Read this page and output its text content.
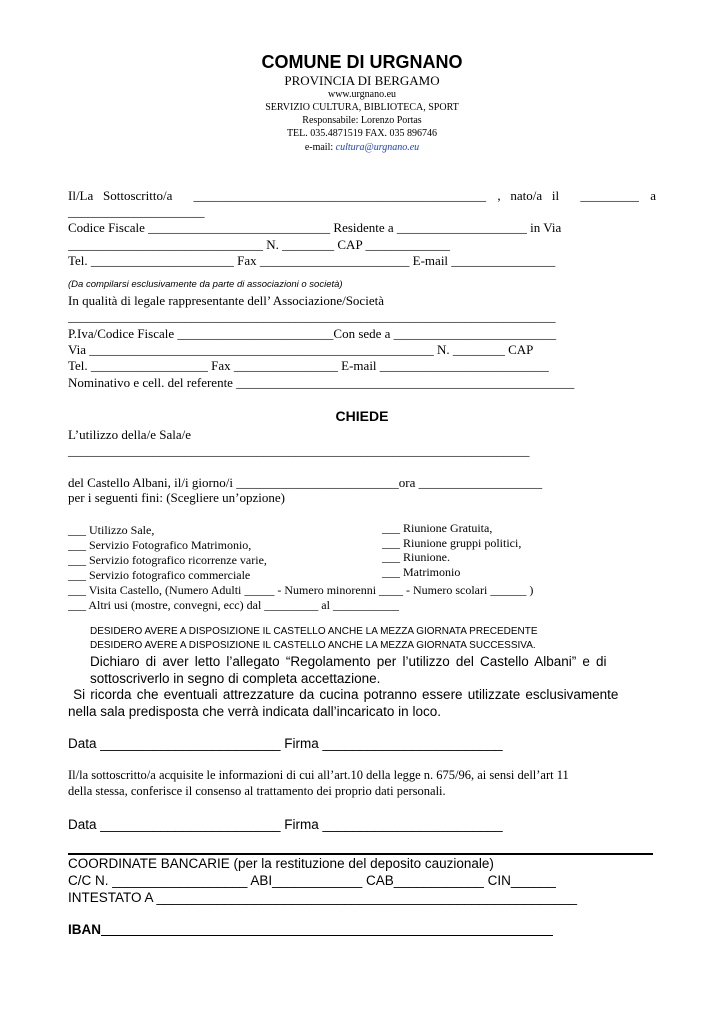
COMUNE DI URGNANO
PROVINCIA DI BERGAMO
www.urgnano.eu
SERVIZIO CULTURA, BIBLIOTECA, SPORT
Responsabile: Lorenzo Portas
TEL. 035.4871519 FAX. 035 896746
e-mail: cultura@urgnano.eu
Il/La   Sottoscritto/a _____________________________________________ ,   nato/a   il _________ a
_____________________
Codice Fiscale ____________________________ Residente a ____________________ in Via
______________________________ N. ________ CAP _____________
Tel. ______________________ Fax _______________________ E-mail ________________
(Da compilarsi esclusivamente da parte di associazioni o società)
In qualità di legale rappresentante dell’ Associazione/Società
___________________________________________________________________________
P.Iva/Codice Fiscale ________________________Con sede a _________________________
Via _____________________________________________________ N. ________ CAP
Tel. __________________ Fax ________________ E-mail __________________________
Nominativo e cell. del referente ____________________________________________________
CHIEDE
L’utilizzo della/e Sala/e
_______________________________________________________________________
del Castello Albani, il/i giorno/i _________________________ora ___________________
per i seguenti fini: (Scegliere un’opzione)
___ Utilizzo Sale,
___ Servizio Fotografico Matrimonio,
___ Servizio fotografico ricorrenze varie,
___ Servizio fotografico commerciale
___ Visita Castello, (Numero Adulti _____ - Numero minorenni ____ - Numero scolari ______ )
___ Altri usi (mostre, convegni, ecc) dal _________ al ___________
___ Riunione Gratuita,
___ Riunione gruppi politici,
___ Riunione.
___ Matrimonio
DESIDERO AVERE A DISPOSIZIONE IL CASTELLO ANCHE LA MEZZA GIORNATA PRECEDENTE
DESIDERO AVERE A DISPOSIZIONE IL CASTELLO ANCHE LA MEZZA GIORNATA SUCCESSIVA.
Dichiaro di aver letto l’allegato “Regolamento per l’utilizzo del Castello Albani” e di
sottoscriverlo in segno di completa accettazione.
Si ricorda che eventuali attrezzature da cucina potranno essere utilizzate esclusivamente
nella sala predisposta che verrà indicata dall’incaricato in loco.
Data ________________________ Firma ________________________
Il/la sottoscritto/a acquisite le informazioni di cui all’art.10 della legge n. 675/96, ai sensi dell’art 11
della stessa, conferisce il consenso al trattamento dei proprio dati personali.
Data ________________________ Firma ________________________
COORDINATE BANCARIE (per la restituzione del deposito cauzionale)
C/C N. __________________ ABI____________ CAB____________ CIN______
INTESTATO A ________________________________________________________
IBAN
